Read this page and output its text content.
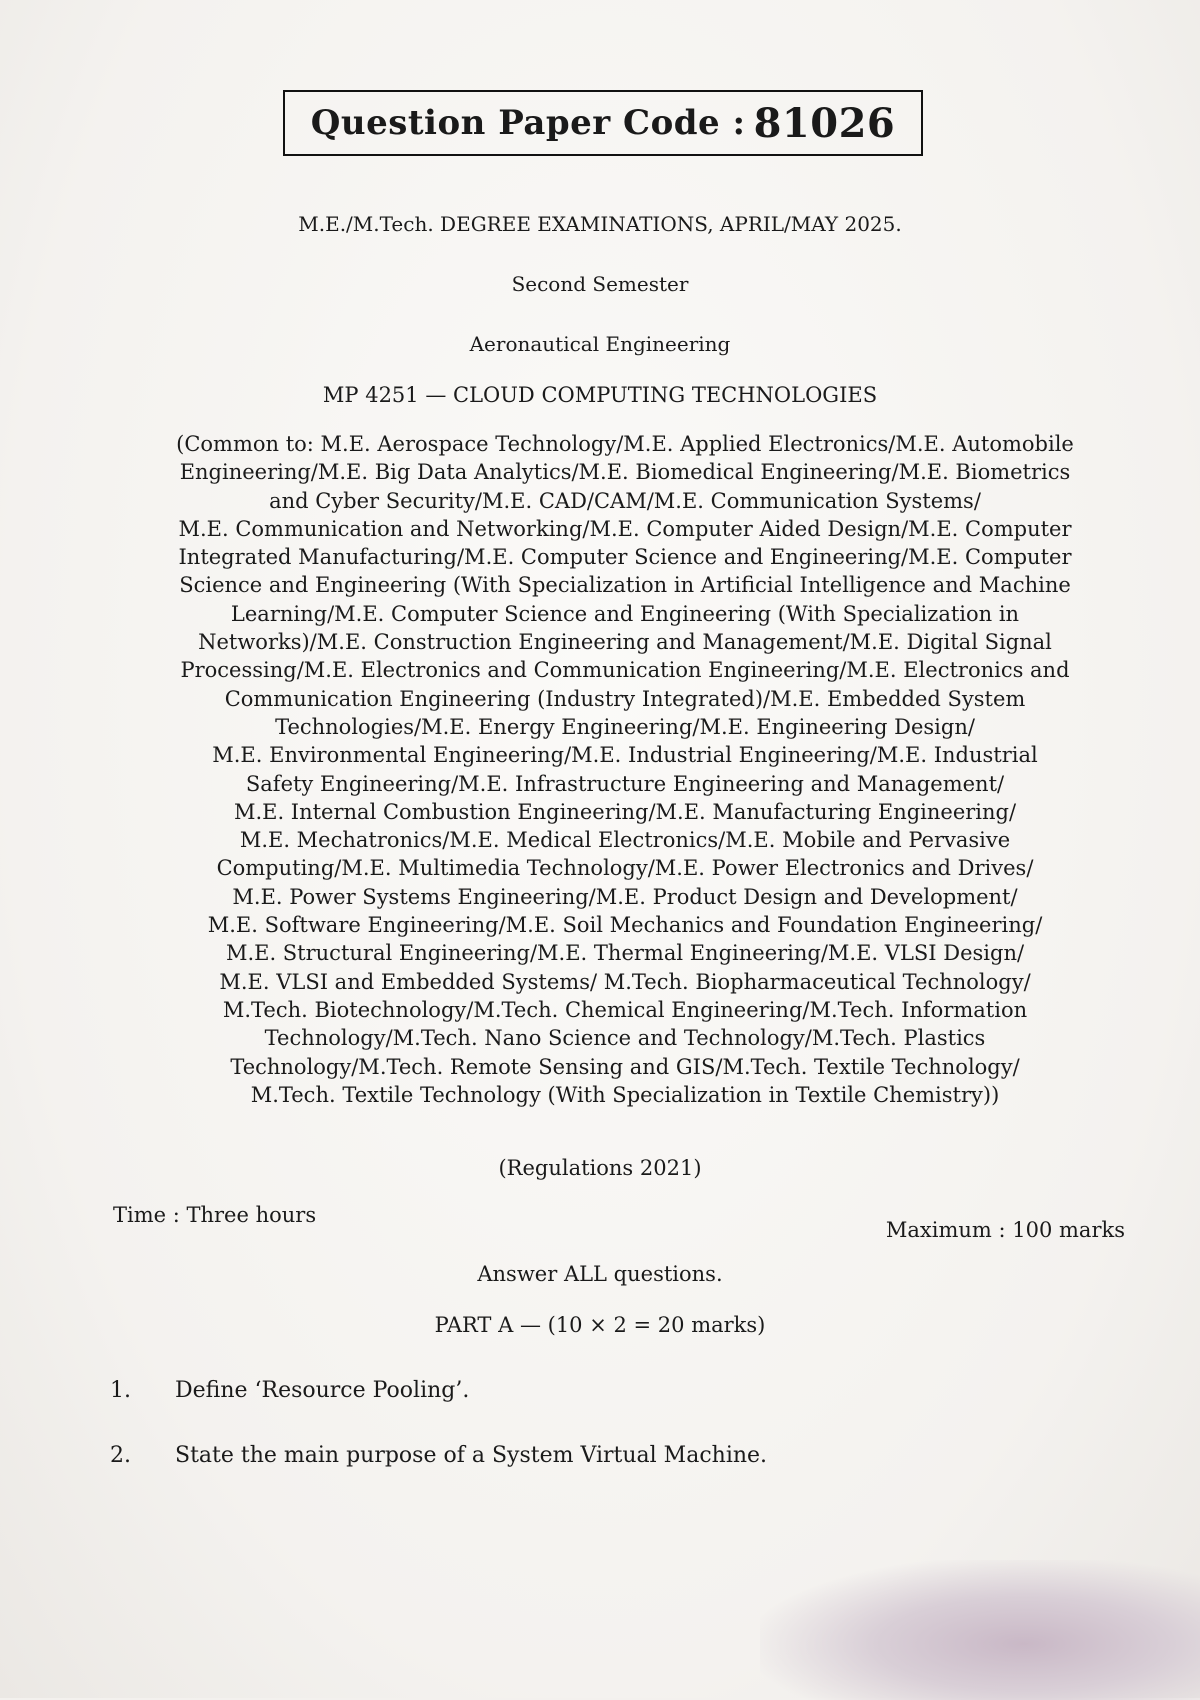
Question Paper Code : 81026
M.E./M.Tech. DEGREE EXAMINATIONS, APRIL/MAY 2025.
Second Semester
Aeronautical Engineering
MP 4251 — CLOUD COMPUTING TECHNOLOGIES
(Common to: M.E. Aerospace Technology/M.E. Applied Electronics/M.E. Automobile
Engineering/M.E. Big Data Analytics/M.E. Biomedical Engineering/M.E. Biometrics
and Cyber Security/M.E. CAD/CAM/M.E. Communication Systems/
M.E. Communication and Networking/M.E. Computer Aided Design/M.E. Computer
Integrated Manufacturing/M.E. Computer Science and Engineering/M.E. Computer
Science and Engineering (With Specialization in Artificial Intelligence and Machine
Learning/M.E. Computer Science and Engineering (With Specialization in
Networks)/M.E. Construction Engineering and Management/M.E. Digital Signal
Processing/M.E. Electronics and Communication Engineering/M.E. Electronics and
Communication Engineering (Industry Integrated)/M.E. Embedded System
Technologies/M.E. Energy Engineering/M.E. Engineering Design/
M.E. Environmental Engineering/M.E. Industrial Engineering/M.E. Industrial
Safety Engineering/M.E. Infrastructure Engineering and Management/
M.E. Internal Combustion Engineering/M.E. Manufacturing Engineering/
M.E. Mechatronics/M.E. Medical Electronics/M.E. Mobile and Pervasive
Computing/M.E. Multimedia Technology/M.E. Power Electronics and Drives/
M.E. Power Systems Engineering/M.E. Product Design and Development/
M.E. Software Engineering/M.E. Soil Mechanics and Foundation Engineering/
M.E. Structural Engineering/M.E. Thermal Engineering/M.E. VLSI Design/
M.E. VLSI and Embedded Systems/ M.Tech. Biopharmaceutical Technology/
M.Tech. Biotechnology/M.Tech. Chemical Engineering/M.Tech. Information
Technology/M.Tech. Nano Science and Technology/M.Tech. Plastics
Technology/M.Tech. Remote Sensing and GIS/M.Tech. Textile Technology/
M.Tech. Textile Technology (With Specialization in Textile Chemistry))
(Regulations 2021)
Time : Three hours
Maximum : 100 marks
Answer ALL questions.
PART A — (10 × 2 = 20 marks)
1.	Define ‘Resource Pooling’.
2.	State the main purpose of a System Virtual Machine.
